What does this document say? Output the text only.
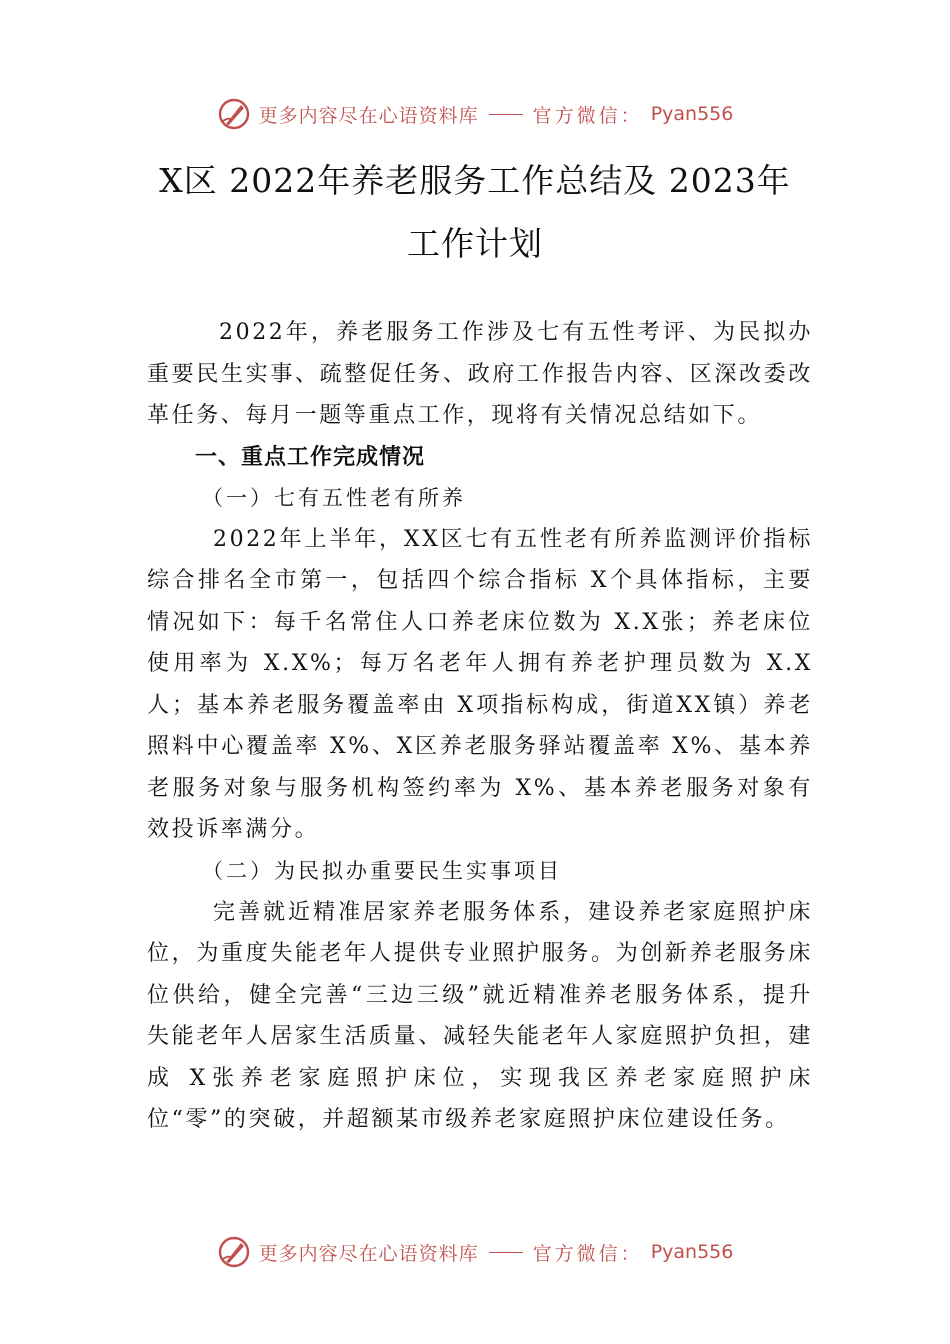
更多内容尽在心语资料库	官方微信： Pyan556
X区 2022年养老服务工作总结及 2023年
工作计划

2022年，养老服务工作涉及七有五性考评、为民拟办重要民生实事、疏整促任务、政府工作报告内容、区深改委改革任务、每月一题等重点工作，现将有关情况总结如下。

一、重点工作完成情况

（一）七有五性老有所养

2022年上半年，XX区七有五性老有所养监测评价指标综合排名全市第一，包括四个综合指标 X个具体指标，主要情况如下：每千名常住人口养老床位数为 X.X张；养老床位使用率为 X.X%；每万名老年人拥有养老护理员数为 X.X人；基本养老服务覆盖率由 X项指标构成，街道XX镇）养老照料中心覆盖率 X%、X区养老服务驿站覆盖率 X%、基本养老服务对象与服务机构签约率为 X%、基本养老服务对象有效投诉率满分。

（二）为民拟办重要民生实事项目

完善就近精准居家养老服务体系，建设养老家庭照护床位，为重度失能老年人提供专业照护服务。为创新养老服务床位供给，健全完善“三边三级”就近精准养老服务体系，提升失能老年人居家生活质量、减轻失能老年人家庭照护负担，建成 X张养老家庭照护床位，实现我区养老家庭照护床位“零”的突破，并超额某市级养老家庭照护床位建设任务。

更多内容尽在心语资料库	官方微信： Pyan556
